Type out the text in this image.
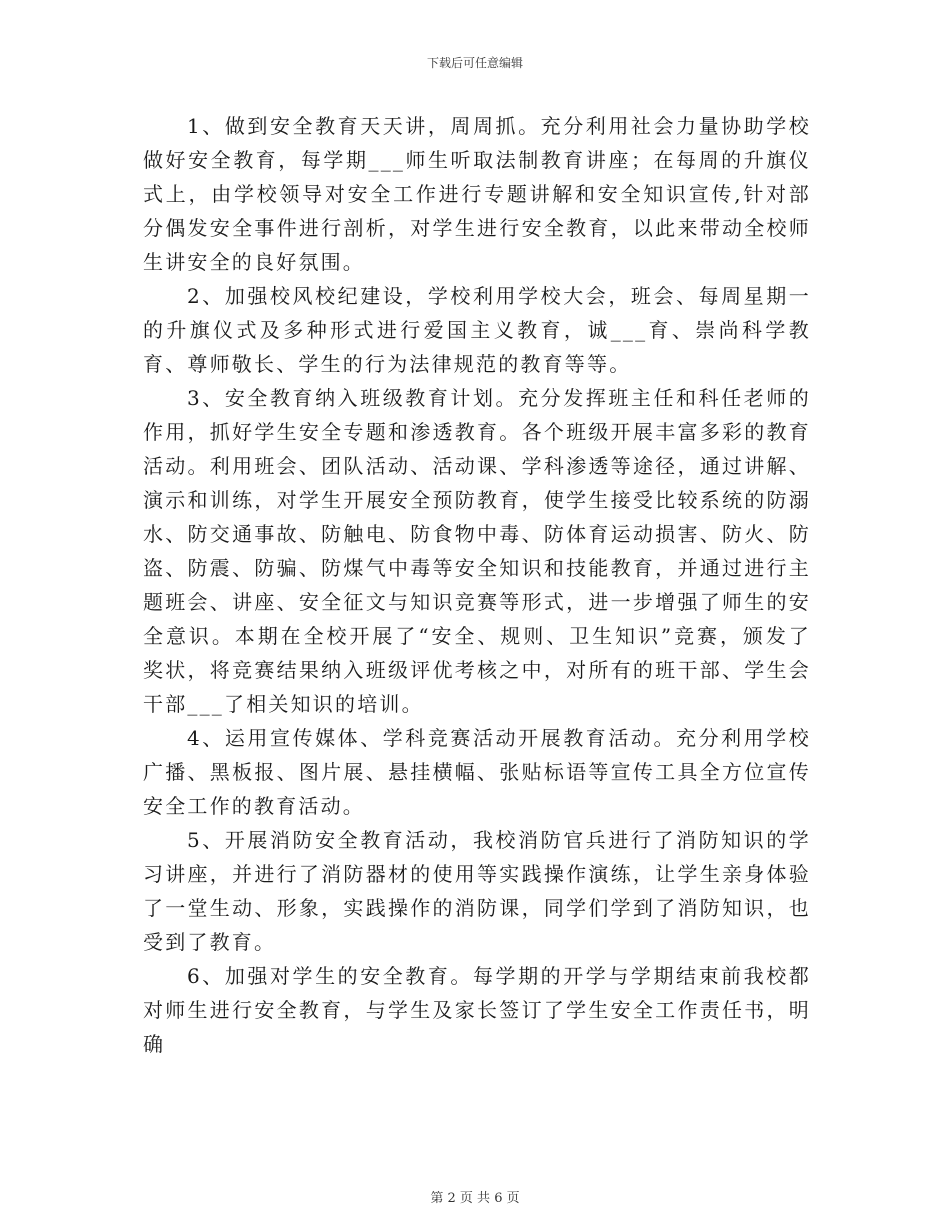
下载后可任意编辑

1、做到安全教育天天讲，周周抓。充分利用社会力量协助学校做好安全教育，每学期___师生听取法制教育讲座；在每周的升旗仪式上，由学校领导对安全工作进行专题讲解和安全知识宣传,针对部分偶发安全事件进行剖析，对学生进行安全教育，以此来带动全校师生讲安全的良好氛围。

2、加强校风校纪建设，学校利用学校大会，班会、每周星期一的升旗仪式及多种形式进行爱国主义教育，诚___育、崇尚科学教育、尊师敬长、学生的行为法律规范的教育等等。

3、安全教育纳入班级教育计划。充分发挥班主任和科任老师的作用，抓好学生安全专题和渗透教育。各个班级开展丰富多彩的教育活动。利用班会、团队活动、活动课、学科渗透等途径，通过讲解、演示和训练，对学生开展安全预防教育，使学生接受比较系统的防溺水、防交通事故、防触电、防食物中毒、防体育运动损害、防火、防盗、防震、防骗、防煤气中毒等安全知识和技能教育，并通过进行主题班会、讲座、安全征文与知识竞赛等形式，进一步增强了师生的安全意识。本期在全校开展了“安全、规则、卫生知识”竞赛，颁发了奖状，将竞赛结果纳入班级评优考核之中，对所有的班干部、学生会干部___了相关知识的培训。

4、运用宣传媒体、学科竞赛活动开展教育活动。充分利用学校广播、黑板报、图片展、悬挂横幅、张贴标语等宣传工具全方位宣传安全工作的教育活动。

5、开展消防安全教育活动，我校消防官兵进行了消防知识的学习讲座，并进行了消防器材的使用等实践操作演练，让学生亲身体验了一堂生动、形象，实践操作的消防课，同学们学到了消防知识，也受到了教育。

6、加强对学生的安全教育。每学期的开学与学期结束前我校都对师生进行安全教育，与学生及家长签订了学生安全工作责任书，明确

第 2 页 共 6 页
